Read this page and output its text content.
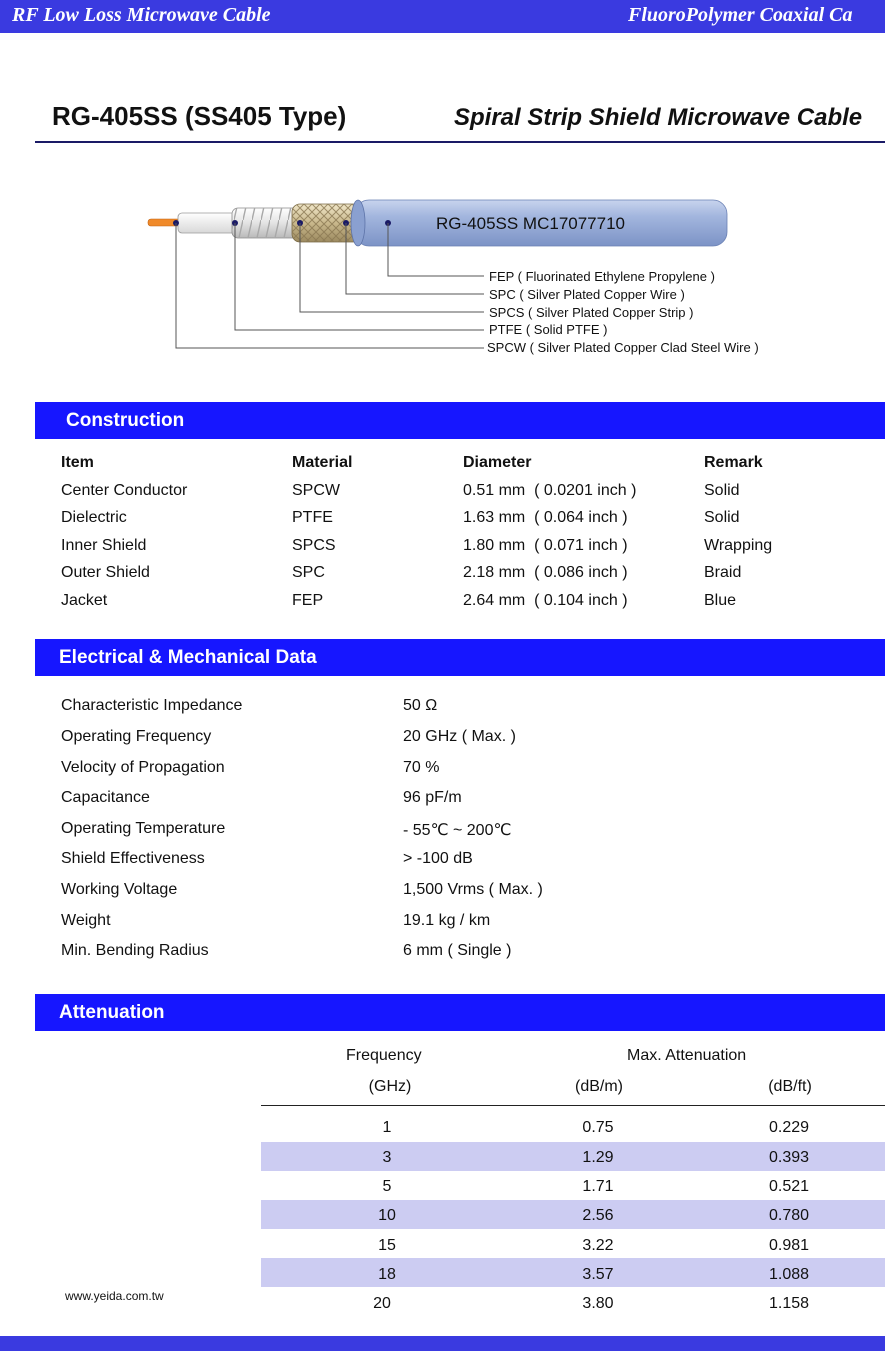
RF Low Loss Microwave Cable	FluoroPolymer Coaxial Ca
RG-405SS (SS405 Type)	Spiral Strip Shield Microwave Cable
RG-405SS MC17077710
FEP ( Fluorinated Ethylene Propylene )
SPC ( Silver Plated Copper Wire )
SPCS ( Silver Plated Copper Strip )
PTFE ( Solid PTFE )
SPCW ( Silver Plated Copper Clad Steel Wire )
Construction
Item	Material	Diameter	Remark
Center Conductor	SPCW	0.51 mm  ( 0.0201 inch )	Solid
Dielectric	PTFE	1.63 mm  ( 0.064 inch )	Solid
Inner Shield	SPCS	1.80 mm  ( 0.071 inch )	Wrapping
Outer Shield	SPC	2.18 mm  ( 0.086 inch )	Braid
Jacket	FEP	2.64 mm  ( 0.104 inch )	Blue
Electrical & Mechanical Data
Characteristic Impedance	50 Ω
Operating Frequency	20 GHz ( Max. )
Velocity of Propagation	70 %
Capacitance	96 pF/m
Operating Temperature	- 55℃ ~ 200℃
Shield Effectiveness	> -100 dB
Working Voltage	1,500 Vrms ( Max. )
Weight	19.1 kg / km
Min. Bending Radius	6 mm ( Single )
Attenuation
Frequency	Max. Attenuation
(GHz)	(dB/m)	(dB/ft)
1	0.75	0.229
3	1.29	0.393
5	1.71	0.521
10	2.56	0.780
15	3.22	0.981
18	3.57	1.088
20	3.80	1.158
www.yeida.com.tw
